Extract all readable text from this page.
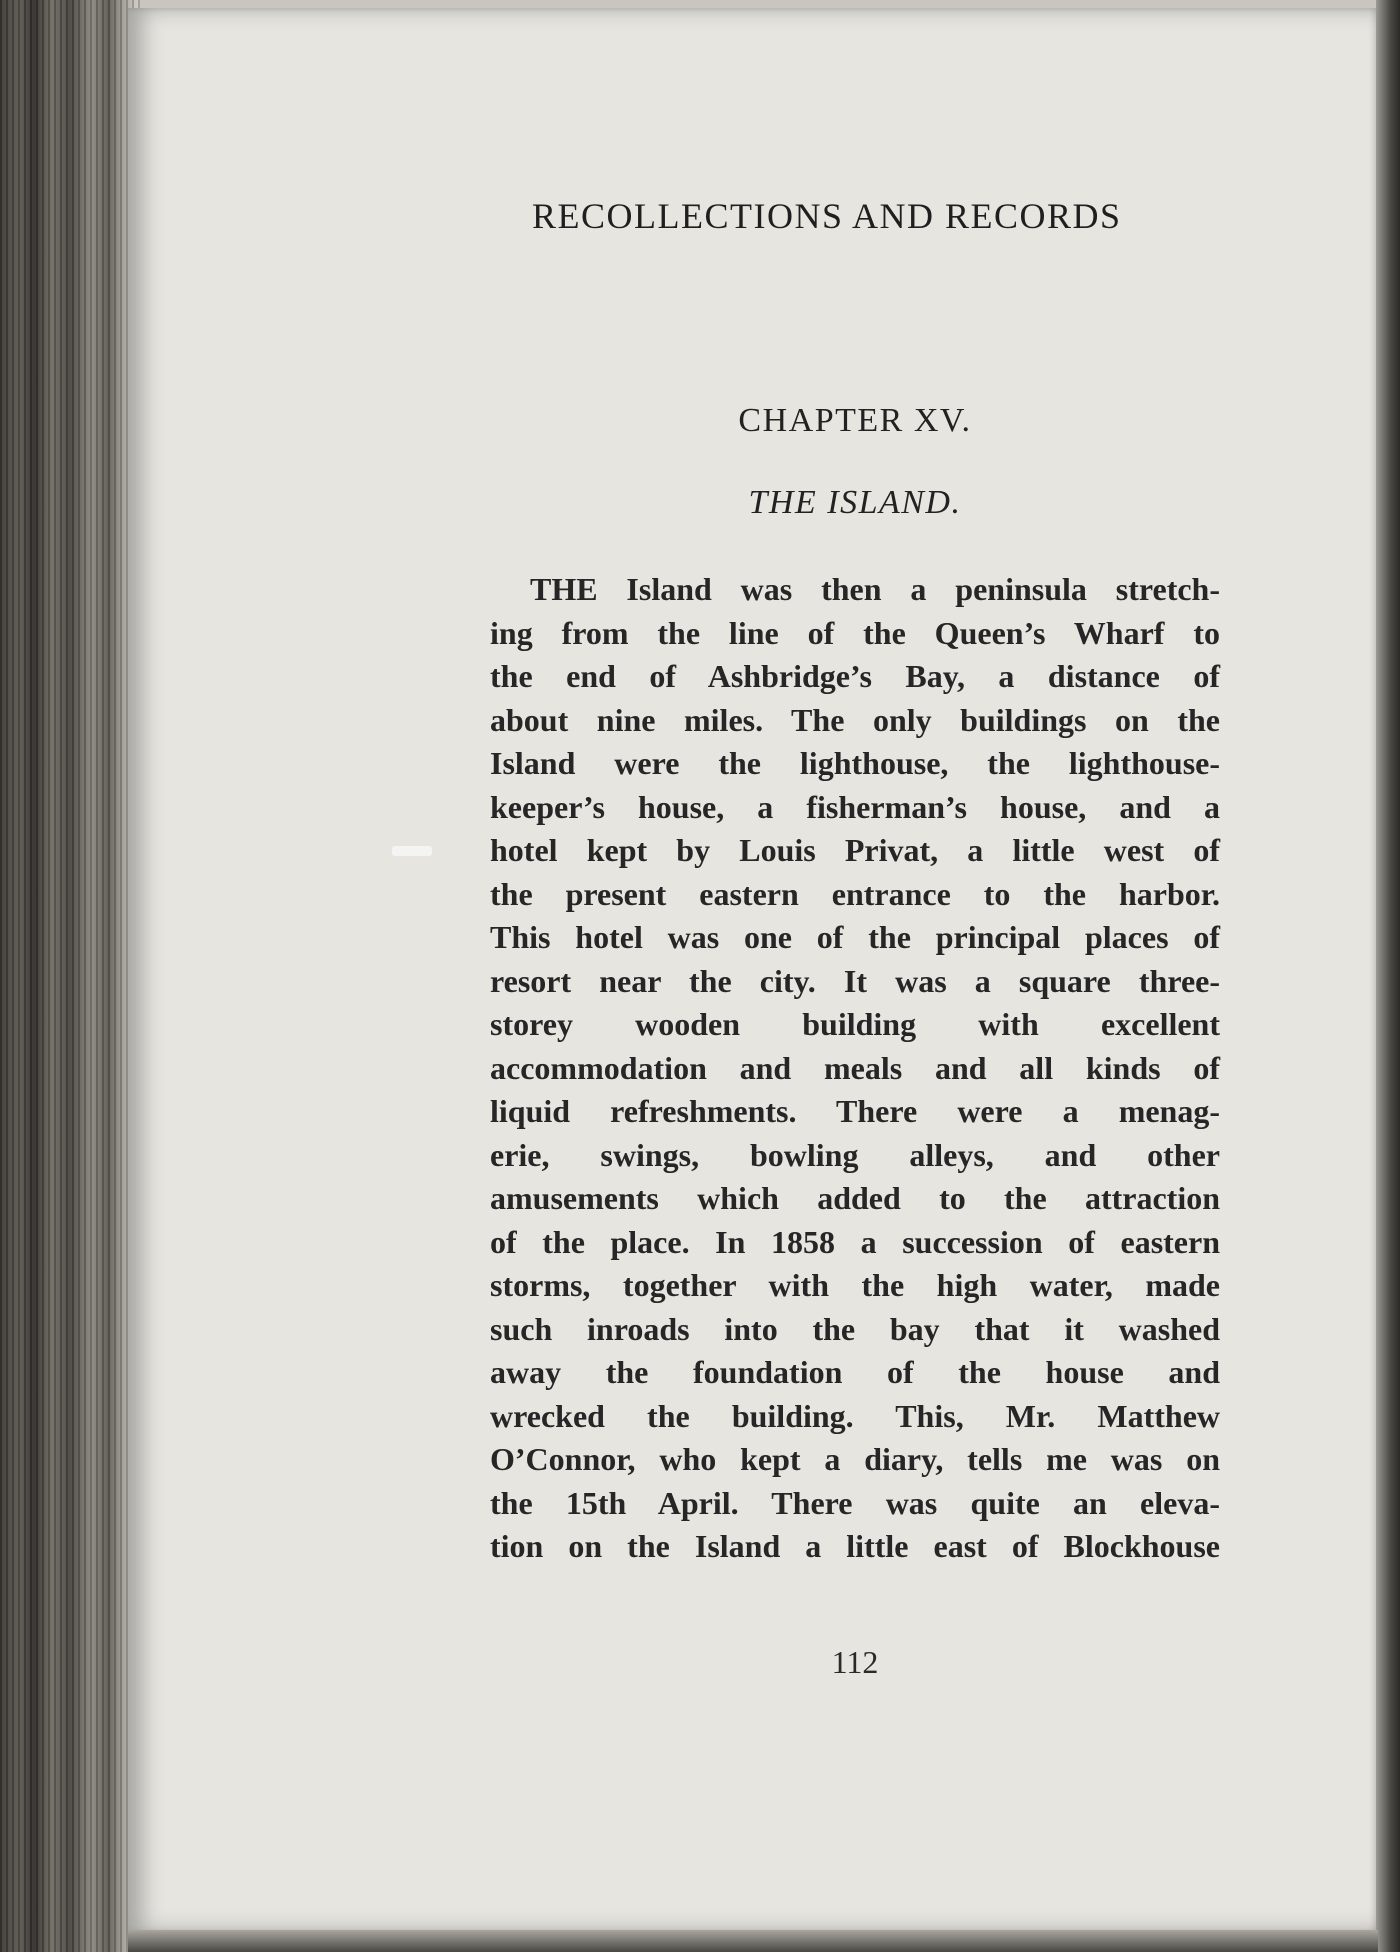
RECOLLECTIONS AND RECORDS
CHAPTER XV.
THE ISLAND.
THE Island was then a peninsula stretch-
ing from the line of the Queen’s Wharf to
the end of Ashbridge’s Bay, a distance of
about nine miles. The only buildings on the
Island were the lighthouse, the lighthouse-
keeper’s house, a fisherman’s house, and a
hotel kept by Louis Privat, a little west of
the present eastern entrance to the harbor.
This hotel was one of the principal places of
resort near the city. It was a square three-
storey wooden building with excellent
accommodation and meals and all kinds of
liquid refreshments. There were a menag-
erie, swings, bowling alleys, and other
amusements which added to the attraction
of the place. In 1858 a succession of eastern
storms, together with the high water, made
such inroads into the bay that it washed
away the foundation of the house and
wrecked the building. This, Mr. Matthew
O’Connor, who kept a diary, tells me was on
the 15th April. There was quite an eleva-
tion on the Island a little east of Blockhouse
112
